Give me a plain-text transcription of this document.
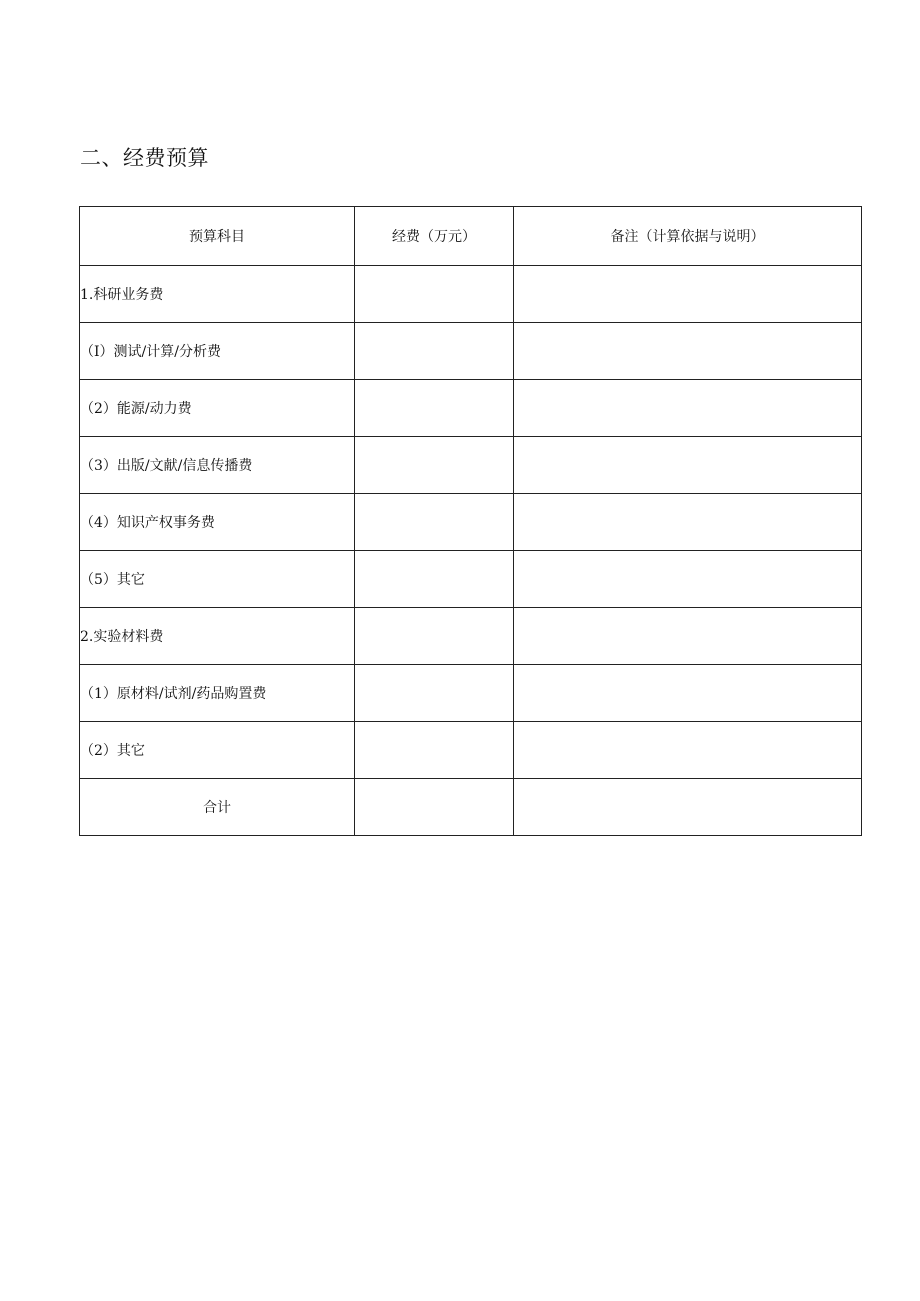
二、经费预算
预算科目	经费（万元）	备注（计算依据与说明）
1.科研业务费		
（I）测试/计算/分析费		
（2）能源/动力费		
（3）出版/文献/信息传播费		
（4）知识产权事务费		
（5）其它		
2.实验材料费		
（1）原材料/试剂/药品购置费		
（2）其它		
合计		
